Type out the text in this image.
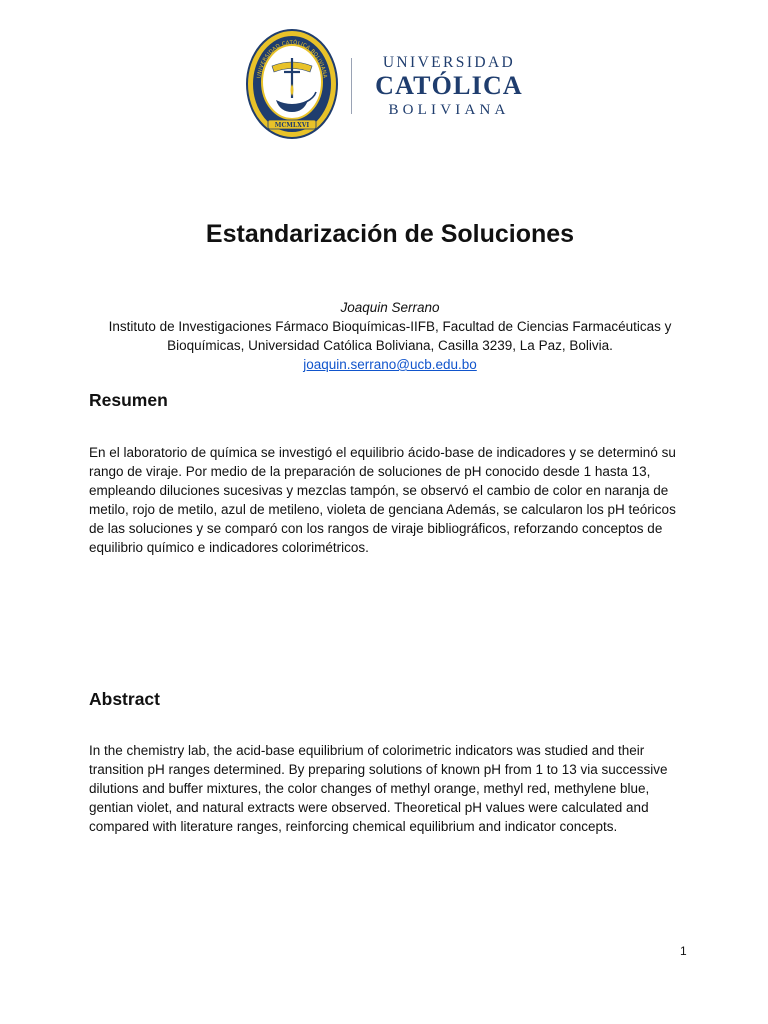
UNIVERSIDAD CATÓLICA BOLIVIANA
MCMLXVI
UNIVERSIDAD
CATÓLICA
BOLIVIANA
Estandarización de Soluciones
Joaquin Serrano
Instituto de Investigaciones Fármaco Bioquímicas-IIFB, Facultad de Ciencias Farmacéuticas y
Bioquímicas, Universidad Católica Boliviana, Casilla 3239, La Paz, Bolivia.
joaquin.serrano@ucb.edu.bo
Resumen
En el laboratorio de química se investigó el equilibrio ácido-base de indicadores y se determinó su
rango de viraje. Por medio de la preparación de soluciones de pH conocido desde 1 hasta 13,
empleando diluciones sucesivas y mezclas tampón, se observó el cambio de color en naranja de
metilo, rojo de metilo, azul de metileno, violeta de genciana Además, se calcularon los pH teóricos
de las soluciones y se comparó con los rangos de viraje bibliográficos, reforzando conceptos de
equilibrio químico e indicadores colorimétricos.
Abstract
In the chemistry lab, the acid-base equilibrium of colorimetric indicators was studied and their
transition pH ranges determined. By preparing solutions of known pH from 1 to 13 via successive
dilutions and buffer mixtures, the color changes of methyl orange, methyl red, methylene blue,
gentian violet, and natural extracts were observed. Theoretical pH values were calculated and
compared with literature ranges, reinforcing chemical equilibrium and indicator concepts.
1
